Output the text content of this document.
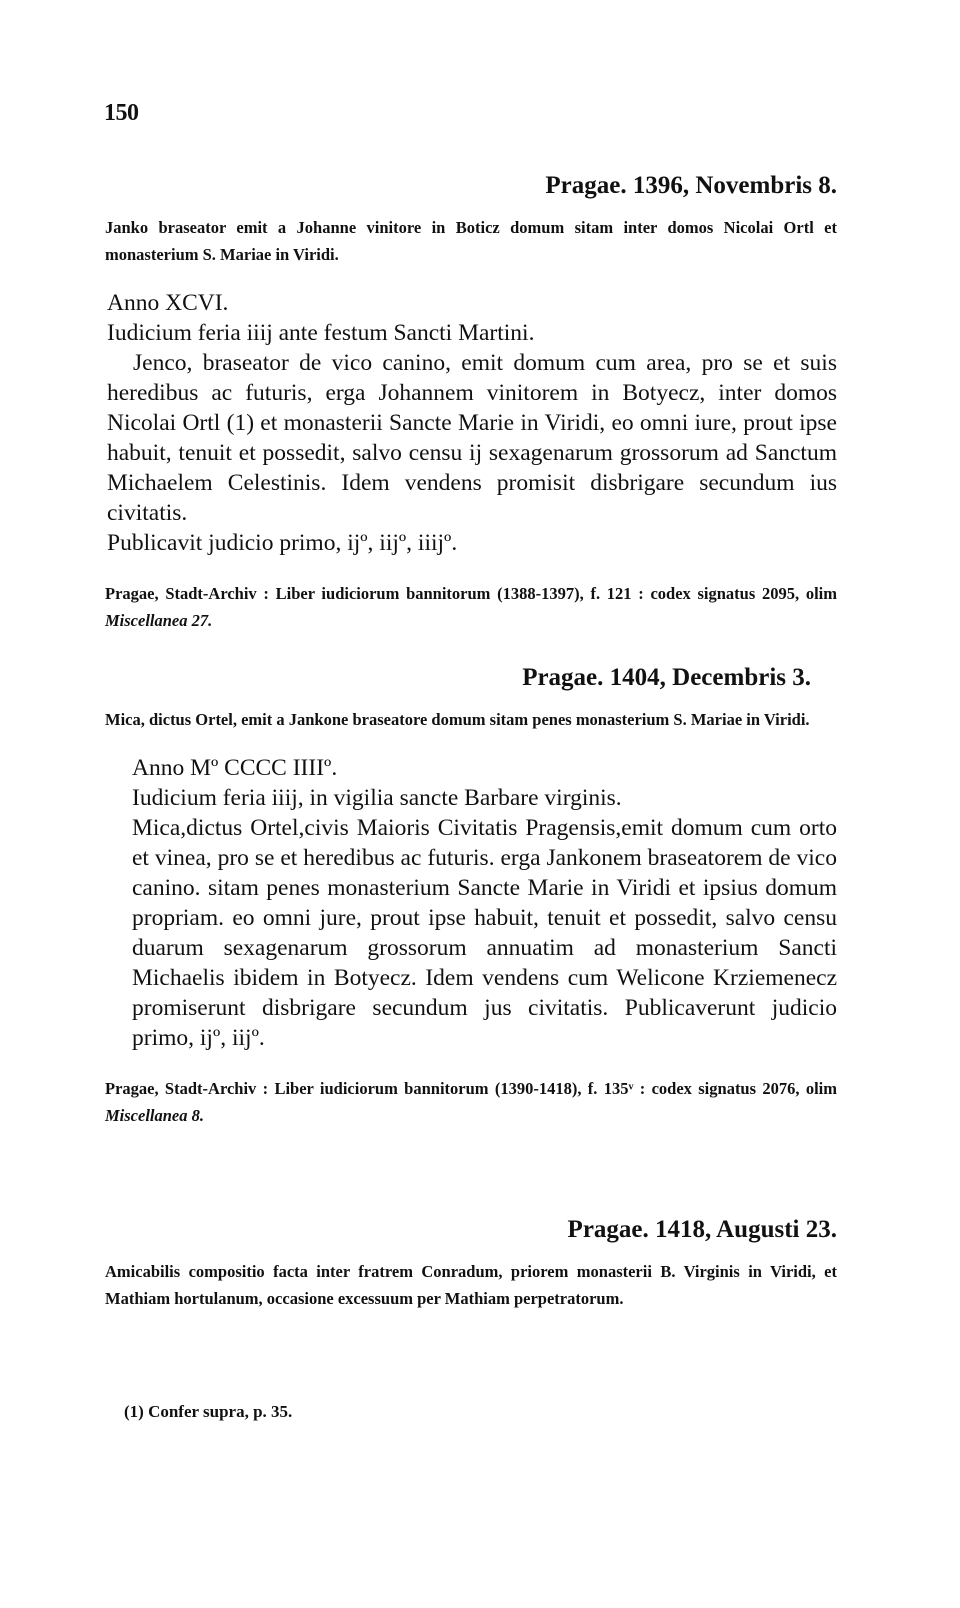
150
Pragae. 1396, Novembris 8.
Janko braseator emit a Johanne vinitore in Boticz domum sitam inter domos Nicolai Ortl et monasterium S. Mariae in Viridi.
Anno XCVI.
Iudicium feria iiij ante festum Sancti Martini.
Jenco, braseator de vico canino, emit domum cum area, pro se et suis heredibus ac futuris, erga Johannem vinitorem in Botyecz, inter domos Nicolai Ortl (1) et monasterii Sancte Marie in Viridi, eo omni iure, prout ipse habuit, tenuit et possedit, salvo censu ij sexagenarum grossorum ad Sanctum Michaelem Celestinis. Idem vendens promisit disbrigare secundum ius civitatis.
Publicavit judicio primo, ijº, iijº, iiijº.
Pragae, Stadt-Archiv : Liber iudiciorum bannitorum (1388-1397), f. 121 : codex signatus 2095, olim Miscellanea 27.
Pragae. 1404, Decembris 3.
Mica, dictus Ortel, emit a Jankone braseatore domum sitam penes monasterium S. Mariae in Viridi.
Anno Mº CCCC IIIIº.
Iudicium feria iiij, in vigilia sancte Barbare virginis.
Mica,dictus Ortel,civis Maioris Civitatis Pragensis,emit domum cum orto et vinea, pro se et heredibus ac futuris. erga Jankonem braseatorem de vico canino. sitam penes monasterium Sancte Marie in Viridi et ipsius domum propriam. eo omni jure, prout ipse habuit, tenuit et possedit, salvo censu duarum sexagenarum grossorum annuatim ad monasterium Sancti Michaelis ibidem in Botyecz. Idem vendens cum Welicone Krziemenecz promiserunt disbrigare secundum jus civitatis. Publicaverunt judicio primo, ijº, iijº.
Pragae, Stadt-Archiv : Liber iudiciorum bannitorum (1390-1418), f. 135ᵛ : codex signatus 2076, olim Miscellanea 8.
Pragae. 1418, Augusti 23.
Amicabilis compositio facta inter fratrem Conradum, priorem monasterii B. Virginis in Viridi, et Mathiam hortulanum, occasione excessuum per Mathiam perpetratorum.
(1) Confer supra, p. 35.
